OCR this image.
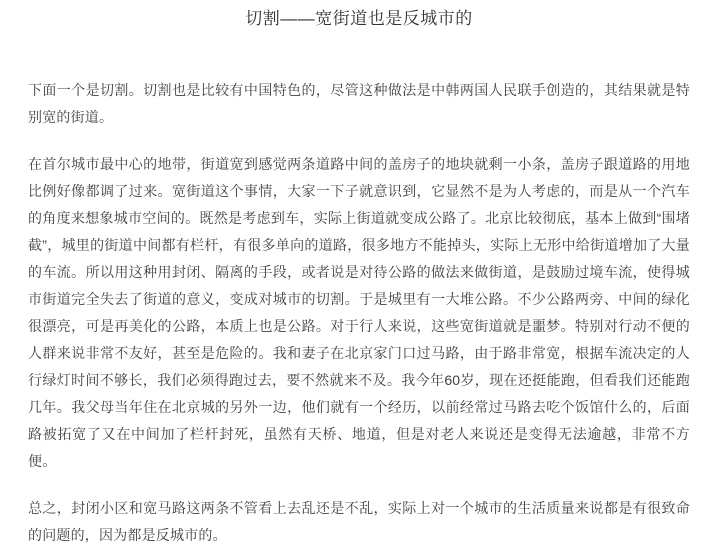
切割——宽街道也是反城市的

下面一个是切割。切割也是比较有中国特色的，尽管这种做法是中韩两国人民联手创造的，其结果就是特别宽的街道。

在首尔城市最中心的地带，街道宽到感觉两条道路中间的盖房子的地块就剩一小条，盖房子跟道路的用地比例好像都调了过来。宽街道这个事情，大家一下子就意识到，它显然不是为人考虑的，而是从一个汽车的角度来想象城市空间的。既然是考虑到车，实际上街道就变成公路了。北京比较彻底，基本上做到“围堵截”，城里的街道中间都有栏杆，有很多单向的道路，很多地方不能掉头，实际上无形中给街道增加了大量的车流。所以用这种用封闭、隔离的手段，或者说是对待公路的做法来做街道，是鼓励过境车流，使得城市街道完全失去了街道的意义，变成对城市的切割。于是城里有一大堆公路。不少公路两旁、中间的绿化很漂亮，可是再美化的公路，本质上也是公路。对于行人来说，这些宽街道就是噩梦。特别对行动不便的人群来说非常不友好，甚至是危险的。我和妻子在北京家门口过马路，由于路非常宽，根据车流决定的人行绿灯时间不够长，我们必须得跑过去，要不然就来不及。我今年60岁，现在还挺能跑，但看我们还能跑几年。我父母当年住在北京城的另外一边，他们就有一个经历，以前经常过马路去吃个饭馆什么的，后面路被拓宽了又在中间加了栏杆封死，虽然有天桥、地道，但是对老人来说还是变得无法逾越，非常不方便。

总之，封闭小区和宽马路这两条不管看上去乱还是不乱，实际上对一个城市的生活质量来说都是有很致命的问题的，因为都是反城市的。
